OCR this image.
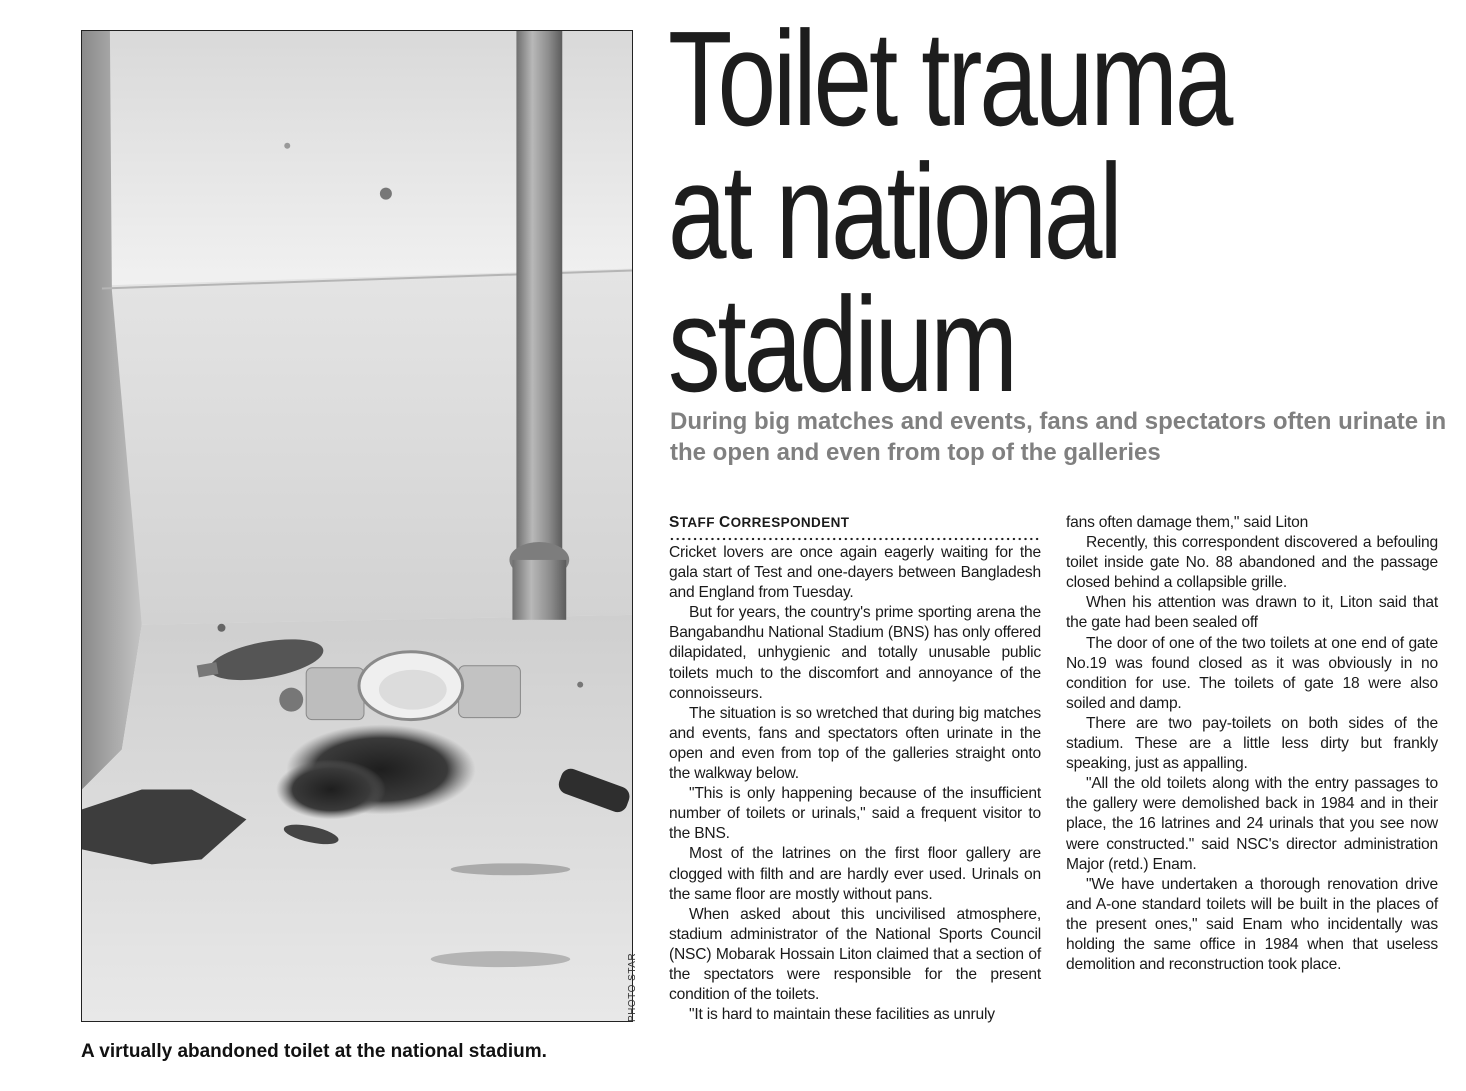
PHOTO STAR
A virtually abandoned toilet at the national stadium.
Toilet trauma
at national
stadium

During big matches and events, fans and spectators often urinate in the open and even from top of the galleries

STAFF CORRESPONDENT

Cricket lovers are once again eagerly waiting for the gala start of Test and one-dayers between Bangladesh and England from Tuesday.

But for years, the country's prime sporting arena the Bangabandhu National Stadium (BNS) has only offered dilapidated, unhygienic and totally unusable public toilets much to the discomfort and annoyance of the connoisseurs.

The situation is so wretched that during big matches and events, fans and spectators often urinate in the open and even from top of the galleries straight onto the walkway below.

"This is only happening because of the insufficient number of toilets or urinals," said a frequent visitor to the BNS.

Most of the latrines on the first floor gallery are clogged with filth and are hardly ever used. Urinals on the same floor are mostly without pans.

When asked about this uncivilised atmosphere, stadium administrator of the National Sports Council (NSC) Mobarak Hossain Liton claimed that a section of the spectators were responsible for the present condition of the toilets.

"It is hard to maintain these facilities as unruly

fans often damage them," said Liton

Recently, this correspondent discovered a befouling toilet inside gate No. 88 abandoned and the passage closed behind a collapsible grille.

When his attention was drawn to it, Liton said that the gate had been sealed off

The door of one of the two toilets at one end of gate No.19 was found closed as it was obviously in no condition for use. The toilets of gate 18 were also soiled and damp.

There are two pay-toilets on both sides of the stadium. These are a little less dirty but frankly speaking, just as appalling.

"All the old toilets along with the entry passages to the gallery were demolished back in 1984 and in their place, the 16 latrines and 24 urinals that you see now were constructed." said NSC's director administration Major (retd.) Enam.

"We have undertaken a thorough renovation drive and A-one standard toilets will be built in the places of the present ones," said Enam who incidentally was holding the same office in 1984 when that useless demolition and reconstruction took place.
